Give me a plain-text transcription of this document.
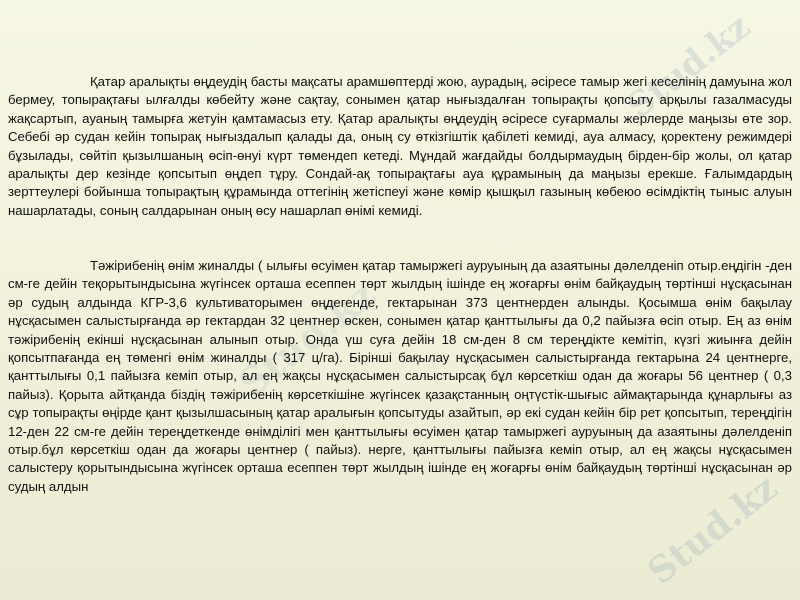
Stud.kz
Stud.kz
Stud.kz
Қатар аралықты өңдеудің басты мақсаты арамшөптерді жою, аурадың, әсіресе тамыр жегі кеселінің дамуына жол бермеу, топырақтағы ылғалды көбейту және сақтау, сонымен қатар нығыздалған топырақты қопсыту арқылы газалмасуды жақсартып, ауаның тамырға жетуін қамтамасыз ету. Қатар аралықты өңдеудің әсіресе суғармалы жерлерде маңызы өте зор. Себебі әр судан кейін топырақ нығыздалып қалады да, оның су өткізгіштік қабілеті кемиді, ауа алмасу, қоректену режимдері бұзылады, сөйтіп қызылшаның өсіп-өнуі күрт төмендеп кетеді. Мұндай жағдайды болдырмаудың бірден-бір жолы, ол қатар аралықты дер кезінде қопсытып өңдеп тұру. Сондай-ақ топырақтағы ауа құрамының да маңызы ерекше. Ғалымдардың зерттеулері бойынша топырақтың құрамында оттегінің жетіспеуі және көмір қышқыл газының көбеюо өсімдіктің тыныс алуын нашарлатады, соның салдарынан оның өсу нашарлап өнімі кемиді.
Тәжірибенің өнім жиналды ( ылығы өсуімен қатар тамыржегі ауруының да азаятыны дәлелденіп отыр.еңдігін -ден см-ге дейін теқорытындысына жүгінсек орташа есеппен төрт жылдың ішінде ең жоғарғы өнім байқаудың төртінші нұсқасынан әр судың алдында КГР-3,6 культиваторымен өңдегенде, гектарынан 373 центнерден алынды. Қосымша өнім бақылау нұсқасымен салыстырғанда әр гектардан 32 центнер өскен, сонымен қатар қанттылығы да 0,2 пайызға өсіп отыр. Ең аз өнім тәжірибенің екінші нұсқасынан алынып отыр. Онда үш суға дейін 18 см-ден 8 см тереңдікте кемітіп, күзгі жиынға дейін қопсытпағанда ең төменгі өнім жиналды ( 317 ц/га). Бірінші бақылау нұсқасымен салыстырғанда гектарына 24 центнерге, қанттылығы 0,1 пайызға кеміп отыр, ал ең жақсы нұсқасымен салыстырсақ бұл көрсеткіш одан да жоғары 56 центнер ( 0,3 пайыз). Қорыта айтқанда біздің тәжірибенің көрсеткішіне жүгінсек қазақстанның оңтүстік-шығыс аймақтарында құнарлығы аз сұр топырақты өңірде қант қызылшасының қатар аралығын қопсытуды азайтып, әр екі судан кейін бір рет қопсытып, тереңдігін 12-ден 22 см-ге дейін тереңдеткенде өнімділігі мен қанттылығы өсуімен қатар тамыржегі ауруының да азаятыны дәлелденіп отыр.бұл көрсеткіш одан да жоғары центнер ( пайыз). нерге, қанттылығы пайызға кеміп отыр, ал ең жақсы нұсқасымен салыстеру қорытындысына жүгінсек орташа есеппен төрт жылдың ішінде ең жоғарғы өнім байқаудың төртінші нұсқасынан әр судың алдын
